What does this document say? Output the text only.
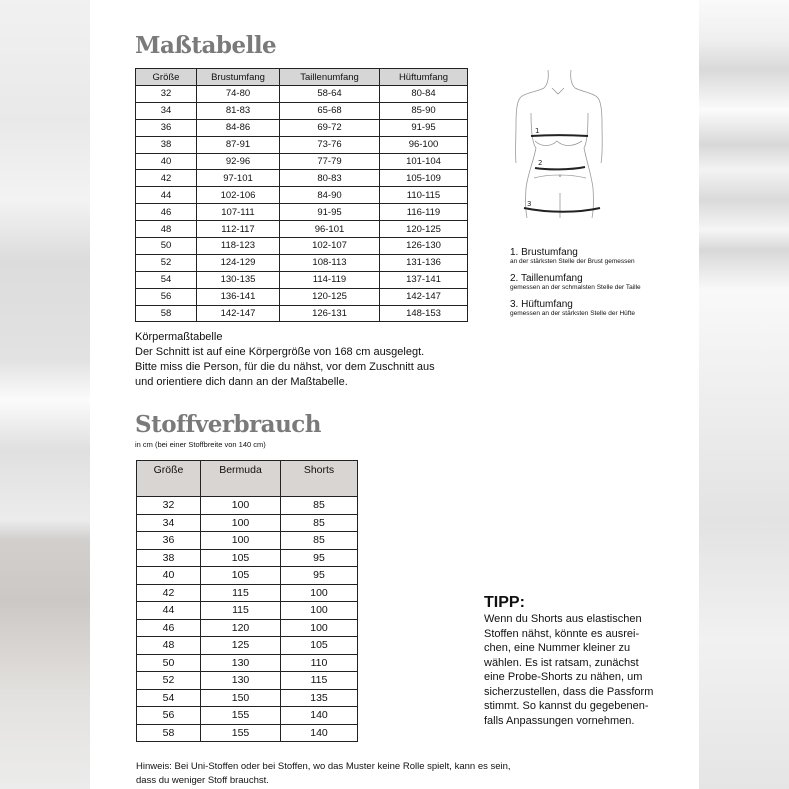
Maßtabelle
Größe	Brustumfang	Taillenumfang	Hüftumfang
32	74-80	58-64	80-84
34	81-83	65-68	85-90
36	84-86	69-72	91-95
38	87-91	73-76	96-100
40	92-96	77-79	101-104
42	97-101	80-83	105-109
44	102-106	84-90	110-115
46	107-111	91-95	116-119
48	112-117	96-101	120-125
50	118-123	102-107	126-130
52	124-129	108-113	131-136
54	130-135	114-119	137-141
56	136-141	120-125	142-147
58	142-147	126-131	148-153
Körpermaßtabelle
Der Schnitt ist auf eine Körpergröße von 168 cm ausgelegt.
Bitte miss die Person, für die du nähst, vor dem Zuschnitt aus
und orientiere dich dann an der Maßtabelle.
1
2
3
1. Brustumfang
an der stärksten Stelle der Brust gemessen
2. Taillenumfang
gemessen an der schmalsten Stelle der Taille
3. Hüftumfang
gemessen an der stärksten Stelle der Hüfte
Stoffverbrauch
in cm (bei einer Stoffbreite von 140 cm)
Größe	Bermuda	Shorts
32	100	85
34	100	85
36	100	85
38	105	95
40	105	95
42	115	100
44	115	100
46	120	100
48	125	105
50	130	110
52	130	115
54	150	135
56	155	140
58	155	140
TIPP:
Wenn du Shorts aus elastischen
Stoffen nähst, könnte es ausrei-
chen, eine Nummer kleiner zu
wählen. Es ist ratsam, zunächst
eine Probe-Shorts zu nähen, um
sicherzustellen, dass die Passform
stimmt. So kannst du gegebenen-
falls Anpassungen vornehmen.
Hinweis: Bei Uni-Stoffen oder bei Stoffen, wo das Muster keine Rolle spielt, kann es sein,
dass du weniger Stoff brauchst.
